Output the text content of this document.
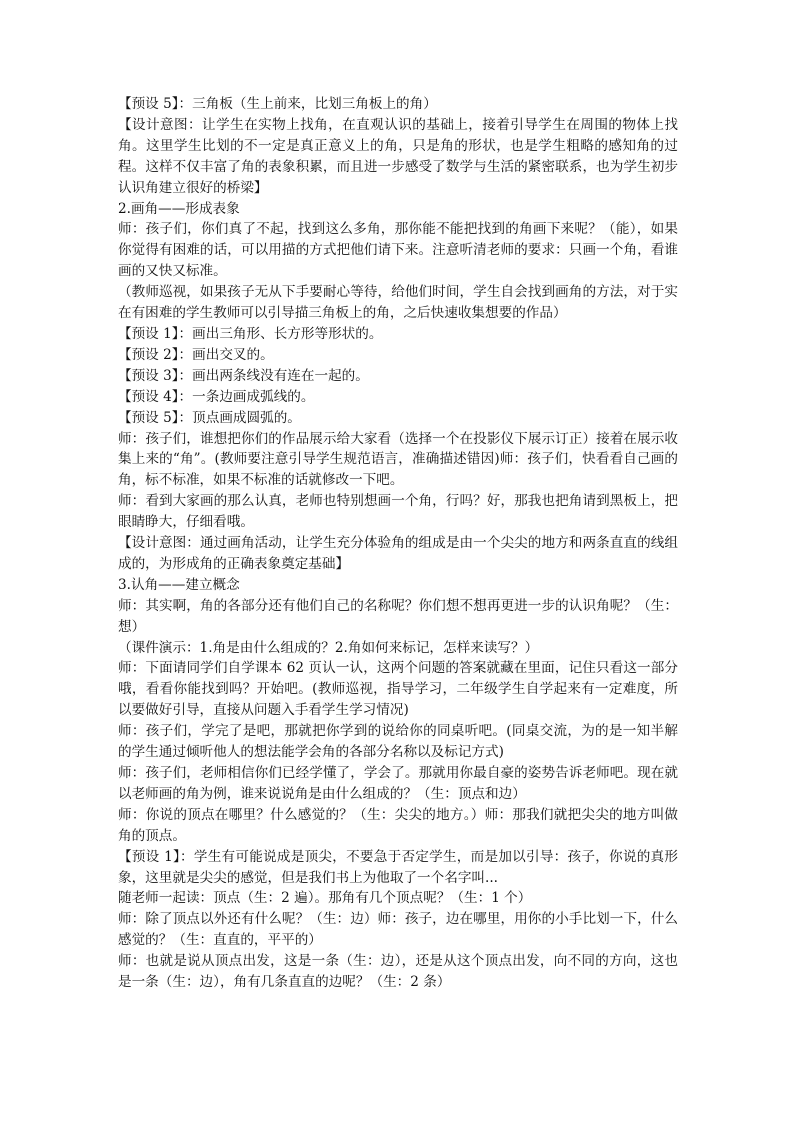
【预设 5】：三角板（生上前来，比划三角板上的角）

【设计意图：让学生在实物上找角，在直观认识的基础上，接着引导学生在周围的物体上找角。这里学生比划的不一定是真正意义上的角，只是角的形状，也是学生粗略的感知角的过程。这样不仅丰富了角的表象积累，而且进一步感受了数学与生活的紧密联系，也为学生初步认识角建立很好的桥梁】

2.画角——形成表象

师：孩子们，你们真了不起，找到这么多角，那你能不能把找到的角画下来呢？（能），如果你觉得有困难的话，可以用描的方式把他们请下来。注意听清老师的要求：只画一个角，看谁画的又快又标准。

（教师巡视，如果孩子无从下手要耐心等待，给他们时间，学生自会找到画角的方法，对于实在有困难的学生教师可以引导描三角板上的角，之后快速收集想要的作品）

【预设 1】：画出三角形、长方形等形状的。

【预设 2】：画出交叉的。

【预设 3】：画出两条线没有连在一起的。

【预设 4】：一条边画成弧线的。

【预设 5】：顶点画成圆弧的。

师：孩子们，谁想把你们的作品展示给大家看（选择一个在投影仪下展示订正）接着在展示收集上来的“角”。(教师要注意引导学生规范语言，准确描述错因)师：孩子们，快看看自己画的角，标不标准，如果不标准的话就修改一下吧。

师：看到大家画的那么认真，老师也特别想画一个角，行吗？好，那我也把角请到黑板上，把眼睛睁大，仔细看哦。

【设计意图：通过画角活动，让学生充分体验角的组成是由一个尖尖的地方和两条直直的线组成的，为形成角的正确表象奠定基础】

3.认角——建立概念

师：其实啊，角的各部分还有他们自己的名称呢？你们想不想再更进一步的认识角呢？（生：想）

（课件演示：1.角是由什么组成的？2.角如何来标记，怎样来读写？）

师：下面请同学们自学课本 62 页认一认，这两个问题的答案就藏在里面，记住只看这一部分哦，看看你能找到吗？开始吧。(教师巡视，指导学习，二年级学生自学起来有一定难度，所以要做好引导，直接从问题入手看学生学习情况)

师：孩子们，学完了是吧，那就把你学到的说给你的同桌听吧。(同桌交流，为的是一知半解的学生通过倾听他人的想法能学会角的各部分名称以及标记方式)

师：孩子们，老师相信你们已经学懂了，学会了。那就用你最自豪的姿势告诉老师吧。现在就以老师画的角为例，谁来说说角是由什么组成的？（生：顶点和边）

师：你说的顶点在哪里？什么感觉的？（生：尖尖的地方。）师：那我们就把尖尖的地方叫做角的顶点。

【预设 1】：学生有可能说成是顶尖，不要急于否定学生，而是加以引导：孩子，你说的真形象，这里就是尖尖的感觉，但是我们书上为他取了一个名字叫...

随老师一起读：顶点（生：2 遍）。那角有几个顶点呢？（生：1 个）

师：除了顶点以外还有什么呢？（生：边）师：孩子，边在哪里，用你的小手比划一下，什么感觉的？（生：直直的，平平的）

师：也就是说从顶点出发，这是一条（生：边），还是从这个顶点出发，向不同的方向，这也是一条（生：边），角有几条直直的边呢？（生：2 条）
